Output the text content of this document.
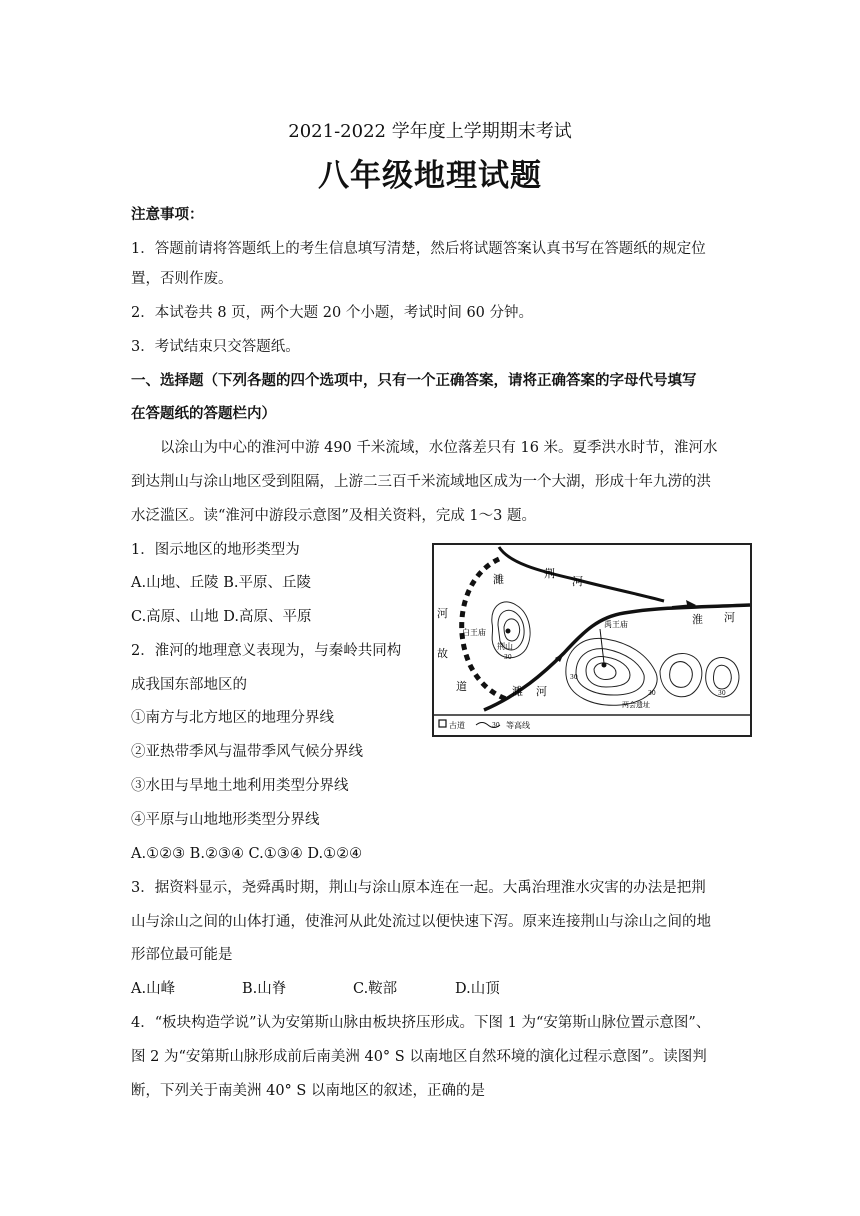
2021-2022 学年度上学期期末考试
八年级地理试题
注意事项：
1．答题前请将答题纸上的考生信息填写清楚，然后将试题答案认真书写在答题纸的规定位
置，否则作废。
2．本试卷共 8 页，两个大题 20 个小题，考试时间 60 分钟。
3．考试结束只交答题纸。
一、选择题（下列各题的四个选项中，只有一个正确答案，请将正确答案的字母代号填写
在答题纸的答题栏内）
以涂山为中心的淮河中游 490 千米流域，水位落差只有 16 米。夏季洪水时节，淮河水
到达荆山与涂山地区受到阻隔，上游二三百千米流域地区成为一个大湖，形成十年九涝的洪
水泛滥区。读“淮河中游段示意图”及相关资料，完成 1～3 题。
1．图示地区的地形类型为
A.山地、丘陵 B.平原、丘陵
C.高原、山地 D.高原、平原
2．淮河的地理意义表现为，与秦岭共同构
成我国东部地区的
①南方与北方地区的地理分界线
②亚热带季风与温带季风气候分界线
③水田与旱地土地利用类型分界线
④平原与山地地形类型分界线
A.①②③ B.②③④ C.①③④ D.①②④
3．据资料显示，尧舜禹时期，荆山与涂山原本连在一起。大禹治理淮水灾害的办法是把荆
山与涂山之间的山体打通，使淮河从此处流过以便快速下泻。原来连接荆山与涂山之间的地
形部位最可能是
A.山峰	B.山脊	C.鞍部	D.山顶
4．“板块构造学说”认为安第斯山脉由板块挤压形成。下图 1 为“安第斯山脉位置示意图”、
图 2 为“安第斯山脉形成前后南美洲 40° S 以南地区自然环境的演化过程示意图”。读图判
断，下列关于南美洲 40° S 以南地区的叙述，正确的是
古道	30 等高线
濉	荆
河
淮 河
河
故
道	濉 河
白王庙
荆山
禹王庙
两会遗址
30
30
30	30
